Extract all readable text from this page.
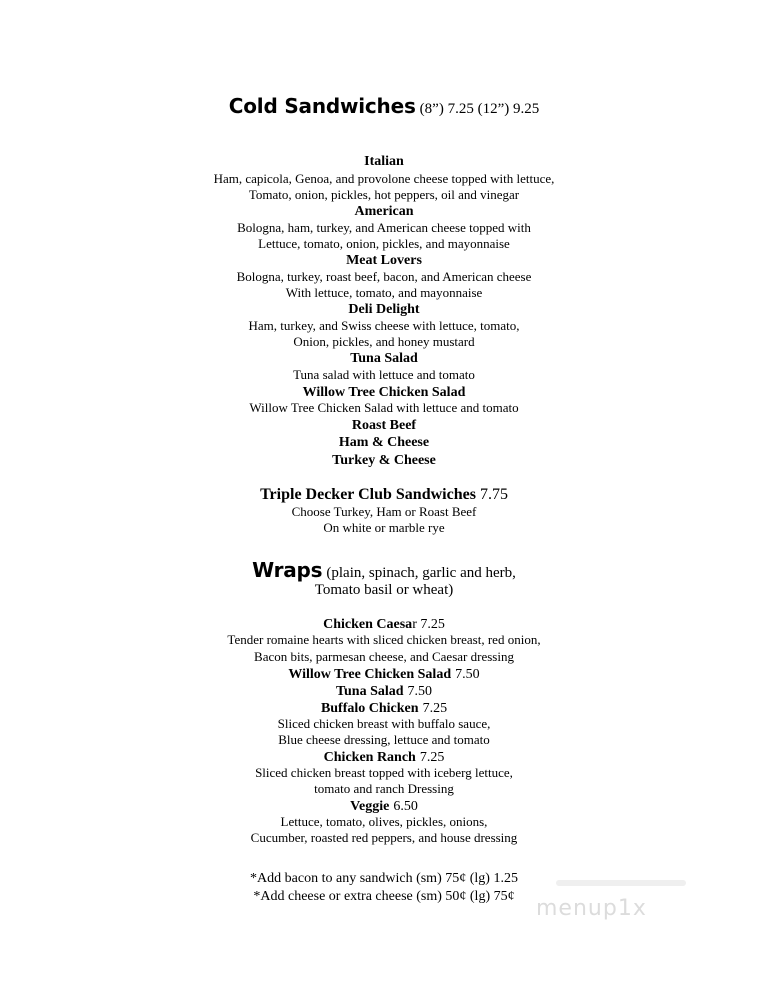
Cold Sandwiches (8”) 7.25 (12”) 9.25
Italian
Ham, capicola, Genoa, and provolone cheese topped with lettuce,
Tomato, onion, pickles, hot peppers, oil and vinegar
American
Bologna, ham, turkey, and American cheese topped with
Lettuce, tomato, onion, pickles, and mayonnaise
Meat Lovers
Bologna, turkey, roast beef, bacon, and American cheese
With lettuce, tomato, and mayonnaise
Deli Delight
Ham, turkey, and Swiss cheese with lettuce, tomato,
Onion, pickles, and honey mustard
Tuna Salad
Tuna salad with lettuce and tomato
Willow Tree Chicken Salad
Willow Tree Chicken Salad with lettuce and tomato
Roast Beef
Ham & Cheese
Turkey & Cheese
Triple Decker Club Sandwiches 7.75
Choose Turkey, Ham or Roast Beef
On white or marble rye
Wraps (plain, spinach, garlic and herb,
Tomato basil or wheat)
Chicken Caesar 7.25
Tender romaine hearts with sliced chicken breast, red onion,
Bacon bits, parmesan cheese, and Caesar dressing
Willow Tree Chicken Salad 7.50
Tuna Salad 7.50
Buffalo Chicken 7.25
Sliced chicken breast with buffalo sauce,
Blue cheese dressing, lettuce and tomato
Chicken Ranch 7.25
Sliced chicken breast topped with iceberg lettuce,
tomato and ranch Dressing
Veggie 6.50
Lettuce, tomato, olives, pickles, onions,
Cucumber, roasted red peppers, and house dressing
*Add bacon to any sandwich (sm) 75¢ (lg) 1.25
*Add cheese or extra cheese (sm) 50¢ (lg) 75¢ menup1x
